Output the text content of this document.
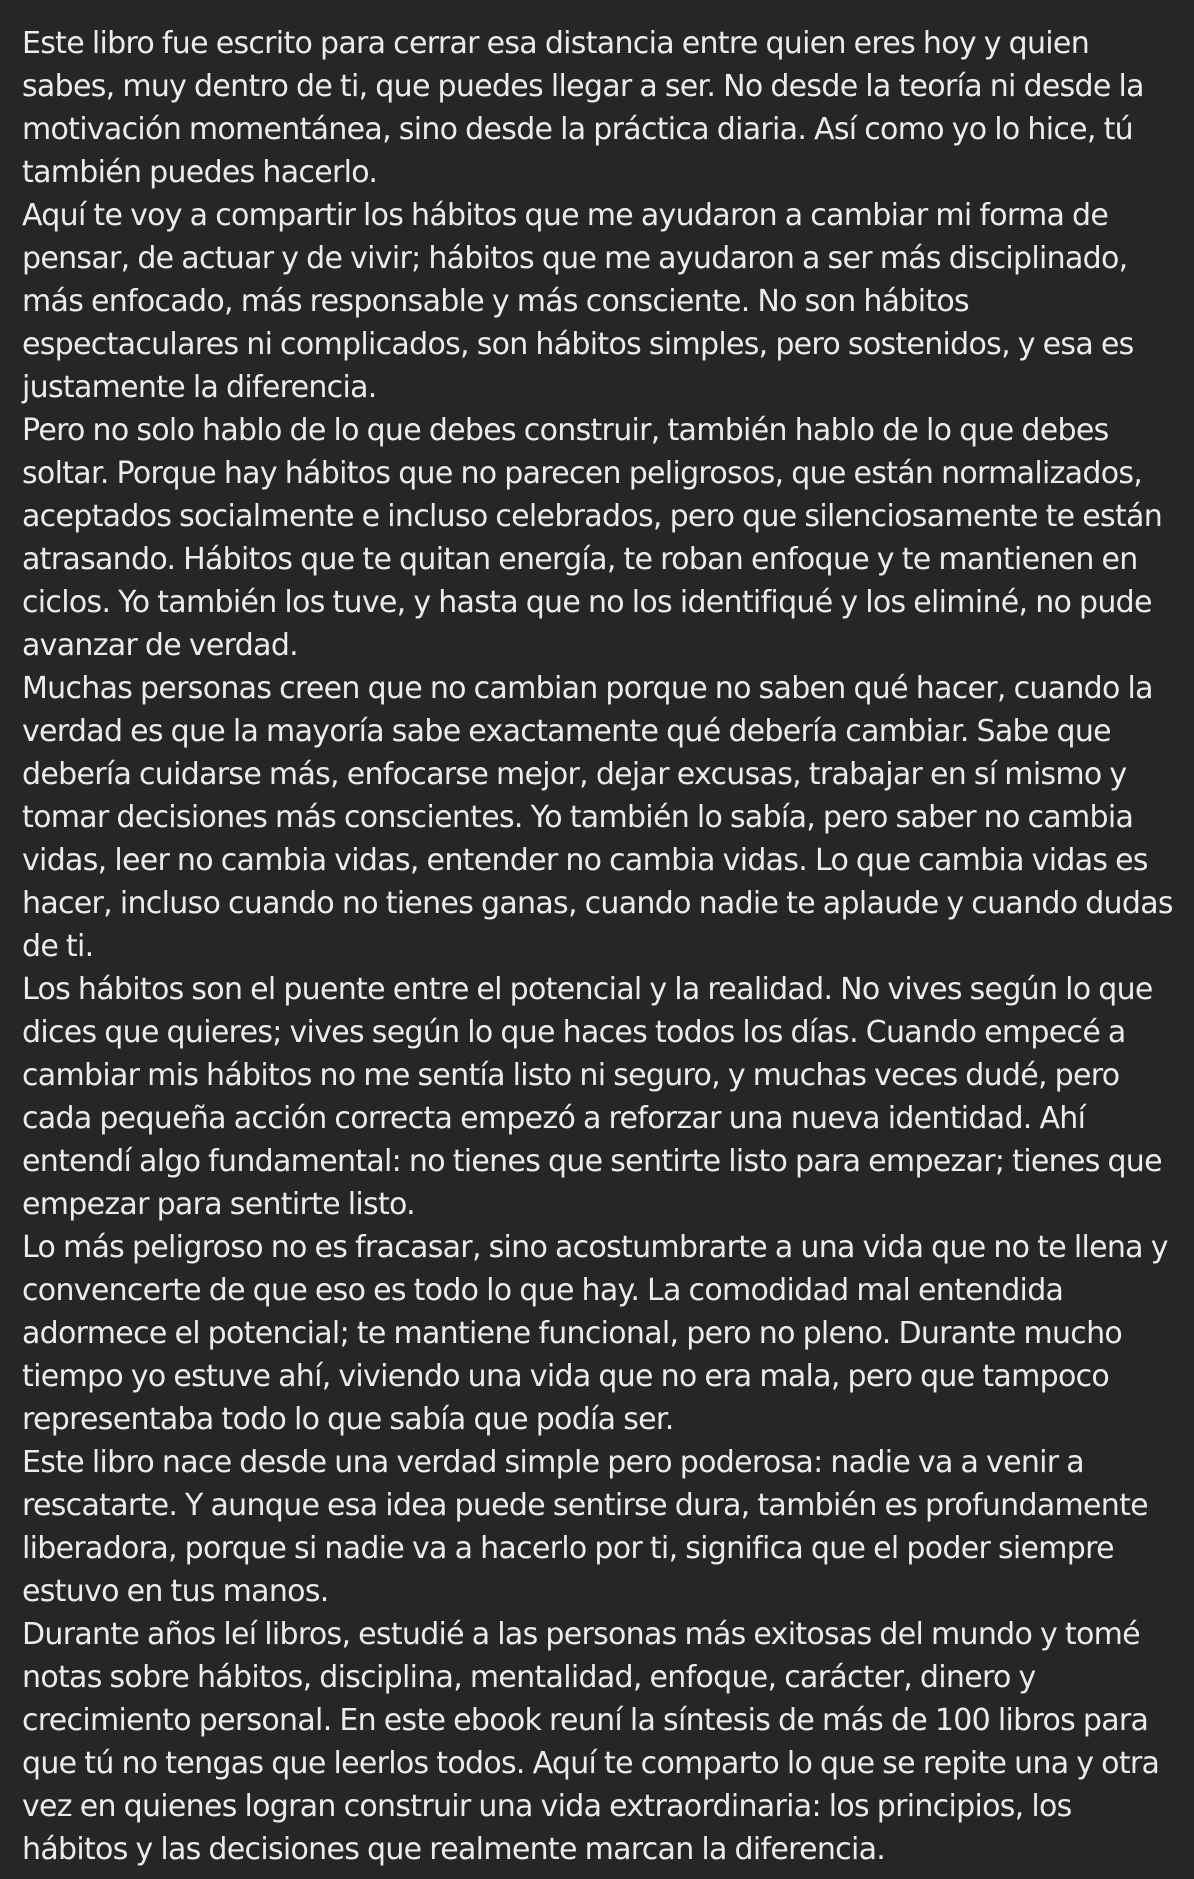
Este libro fue escrito para cerrar esa distancia entre quien eres hoy y quien sabes, muy dentro de ti, que puedes llegar a ser. No desde la teoría ni desde la motivación momentánea, sino desde la práctica diaria. Así como yo lo hice, tú también puedes hacerlo.

Aquí te voy a compartir los hábitos que me ayudaron a cambiar mi forma de pensar, de actuar y de vivir; hábitos que me ayudaron a ser más disciplinado, más enfocado, más responsable y más consciente. No son hábitos espectaculares ni complicados, son hábitos simples, pero sostenidos, y esa es justamente la diferencia.

Pero no solo hablo de lo que debes construir, también hablo de lo que debes soltar. Porque hay hábitos que no parecen peligrosos, que están normalizados, aceptados socialmente e incluso celebrados, pero que silenciosamente te están atrasando. Hábitos que te quitan energía, te roban enfoque y te mantienen en ciclos. Yo también los tuve, y hasta que no los identifiqué y los eliminé, no pude avanzar de verdad.

Muchas personas creen que no cambian porque no saben qué hacer, cuando la verdad es que la mayoría sabe exactamente qué debería cambiar. Sabe que debería cuidarse más, enfocarse mejor, dejar excusas, trabajar en sí mismo y tomar decisiones más conscientes. Yo también lo sabía, pero saber no cambia vidas, leer no cambia vidas, entender no cambia vidas. Lo que cambia vidas es hacer, incluso cuando no tienes ganas, cuando nadie te aplaude y cuando dudas de ti.

Los hábitos son el puente entre el potencial y la realidad. No vives según lo que dices que quieres; vives según lo que haces todos los días. Cuando empecé a cambiar mis hábitos no me sentía listo ni seguro, y muchas veces dudé, pero cada pequeña acción correcta empezó a reforzar una nueva identidad. Ahí entendí algo fundamental: no tienes que sentirte listo para empezar; tienes que empezar para sentirte listo.

Lo más peligroso no es fracasar, sino acostumbrarte a una vida que no te llena y convencerte de que eso es todo lo que hay. La comodidad mal entendida adormece el potencial; te mantiene funcional, pero no pleno. Durante mucho tiempo yo estuve ahí, viviendo una vida que no era mala, pero que tampoco representaba todo lo que sabía que podía ser.

Este libro nace desde una verdad simple pero poderosa: nadie va a venir a rescatarte. Y aunque esa idea puede sentirse dura, también es profundamente liberadora, porque si nadie va a hacerlo por ti, significa que el poder siempre estuvo en tus manos.

Durante años leí libros, estudié a las personas más exitosas del mundo y tomé notas sobre hábitos, disciplina, mentalidad, enfoque, carácter, dinero y crecimiento personal. En este ebook reuní la síntesis de más de 100 libros para que tú no tengas que leerlos todos. Aquí te comparto lo que se repite una y otra vez en quienes logran construir una vida extraordinaria: los principios, los hábitos y las decisiones que realmente marcan la diferencia.
